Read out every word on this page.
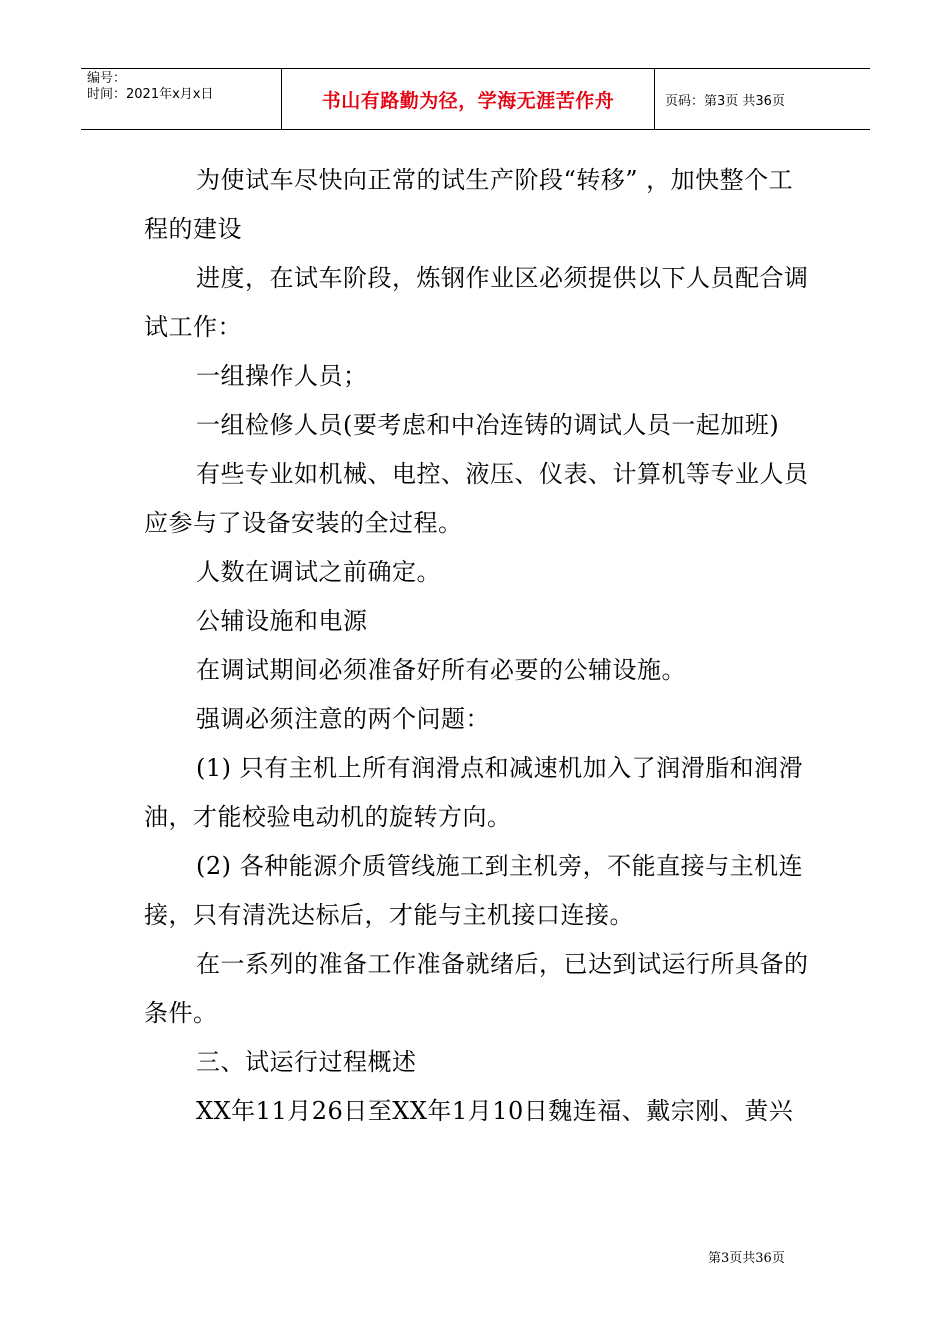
编号：
时间：2021年x月x日	书山有路勤为径，学海无涯苦作舟	页码：第3页 共36页

为使试车尽快向正常的试生产阶段“转移” ，加快整个工程的建设

进度，在试车阶段，炼钢作业区必须提供以下人员配合调试工作：

一组操作人员；

一组检修人员(要考虑和中冶连铸的调试人员一起加班)

有些专业如机械、电控、液压、仪表、计算机等专业人员应参与了设备安装的全过程。

人数在调试之前确定。

公辅设施和电源

在调试期间必须准备好所有必要的公辅设施。

强调必须注意的两个问题：

(1) 只有主机上所有润滑点和减速机加入了润滑脂和润滑油，才能校验电动机的旋转方向。

(2) 各种能源介质管线施工到主机旁，不能直接与主机连接，只有清洗达标后，才能与主机接口连接。

在一系列的准备工作准备就绪后，已达到试运行所具备的条件。

三、试运行过程概述

XX年11月26日至XX年1月10日魏连福、戴宗刚、黄兴

第3页共36页
